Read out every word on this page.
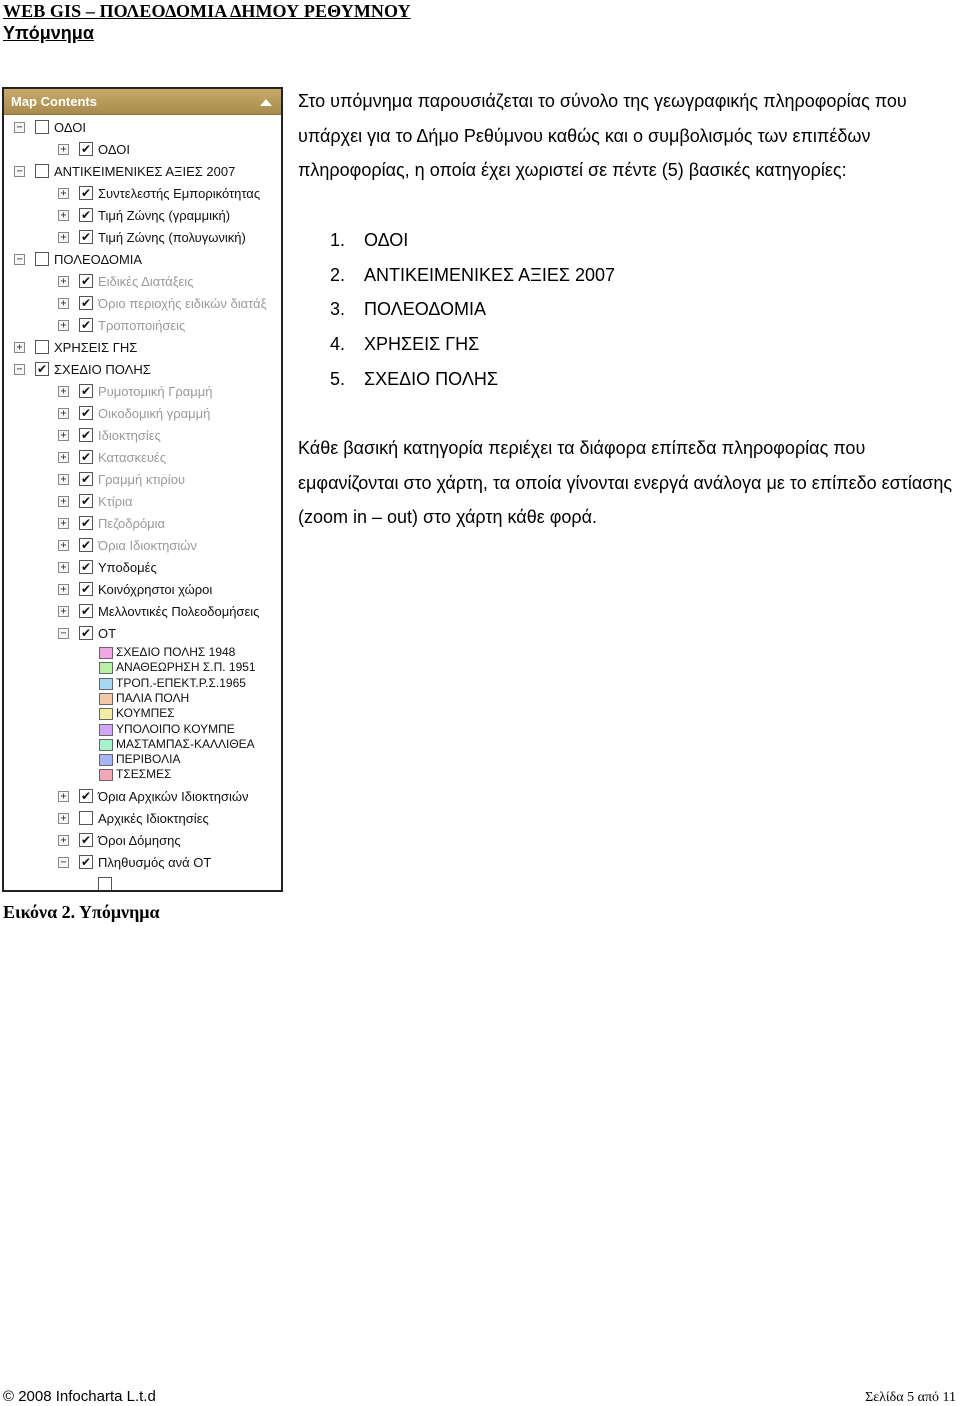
WEB GIS – ΠΟΛΕΟΔΟΜΙΑ ΔΗΜΟΥ ΡΕΘΥΜΝΟΥ
Υπόμνημα
Map Contents
− ΟΔΟΙ
+ ✔ ΟΔΟΙ
− ΑΝΤΙΚΕΙΜΕΝΙΚΕΣ ΑΞΙΕΣ 2007
+ ✔ Συντελεστής Εμπορικότητας
+ ✔ Τιμή Ζώνης (γραμμική)
+ ✔ Τιμή Ζώνης (πολυγωνική)
− ΠΟΛΕΟΔΟΜΙΑ
+ ✔ Ειδικές Διατάξεις
+ ✔ Όριο περιοχής ειδικών διατάξ
+ ✔ Τροποποιήσεις
+ ΧΡΗΣΕΙΣ ΓΗΣ
− ✔ ΣΧΕΔΙΟ ΠΟΛΗΣ
+ ✔ Ρυμοτομική Γραμμή
+ ✔ Οικοδομική γραμμή
+ ✔ Ιδιοκτησίες
+ ✔ Κατασκευές
+ ✔ Γραμμή κτιρίου
+ ✔ Κτίρια
+ ✔ Πεζοδρόμια
+ ✔ Όρια Ιδιοκτησιών
+ ✔ Υποδομές
+ ✔ Κοινόχρηστοι χώροι
+ ✔ Μελλοντικές Πολεοδομήσεις
− ✔ ΟΤ
ΣΧΕΔΙΟ ΠΟΛΗΣ 1948
ΑΝΑΘΕΩΡΗΣΗ Σ.Π. 1951
ΤΡΟΠ.-ΕΠΕΚΤ.Ρ.Σ.1965
ΠΑΛΙΑ ΠΟΛΗ
ΚΟΥΜΠΕΣ
ΥΠΟΛΟΙΠΟ ΚΟΥΜΠΕ
ΜΑΣΤΑΜΠΑΣ-ΚΑΛΛΙΘΕΑ
ΠΕΡΙΒΟΛΙΑ
ΤΣΕΣΜΕΣ
+ ✔ Όρια Αρχικών Ιδιοκτησιών
+ Αρχικές Ιδιοκτησίες
+ ✔ Όροι Δόμησης
− ✔ Πληθυσμός ανά ΟΤ
Στο υπόμνημα παρουσιάζεται το σύνολο της γεωγραφικής πληροφορίας που υπάρχει για το Δήμο Ρεθύμνου καθώς και ο συμβολισμός των επιπέδων πληροφορίας, η οποία έχει χωριστεί σε πέντε (5) βασικές κατηγορίες:
1. ΟΔΟΙ
2. ΑΝΤΙΚΕΙΜΕΝΙΚΕΣ ΑΞΙΕΣ 2007
3. ΠΟΛΕΟΔΟΜΙΑ
4. ΧΡΗΣΕΙΣ ΓΗΣ
5. ΣΧΕΔΙΟ ΠΟΛΗΣ
Κάθε βασική κατηγορία περιέχει τα διάφορα επίπεδα πληροφορίας που εμφανίζονται στο χάρτη, τα οποία γίνονται ενεργά ανάλογα με το επίπεδο εστίασης (zoom in – out) στο χάρτη κάθε φορά.
Εικόνα 2. Υπόμνημα
© 2008 Infocharta L.t.d	Σελίδα 5 από 11
